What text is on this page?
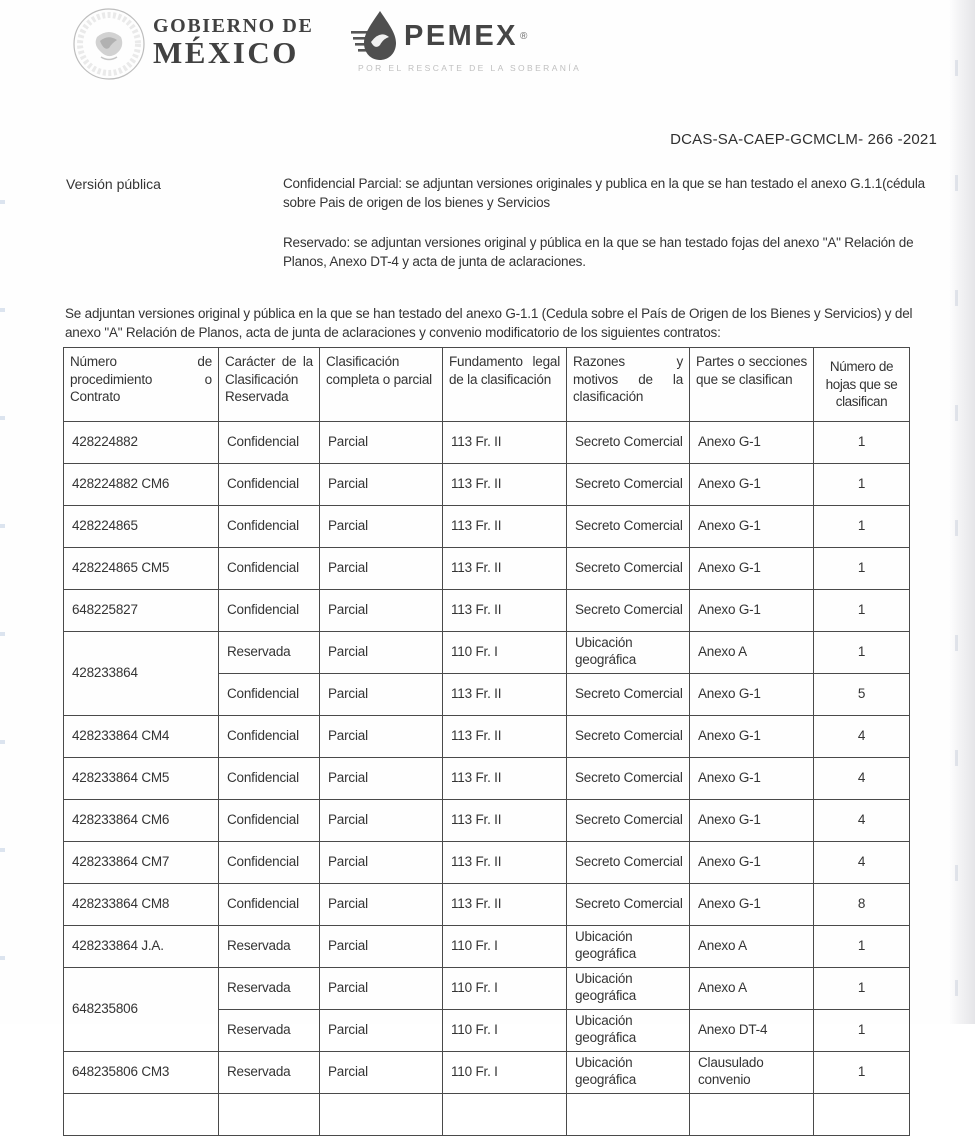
GOBIERNO DE
MÉXICO	PEMEX ®
POR EL RESCATE DE LA SOBERANÍA
DCAS-SA-CAEP-GCMCLM- 266 -2021
Versión pública	Confidencial Parcial: se adjuntan versiones originales y publica en la que se han testado el anexo G.1.1(cédula sobre Pais de origen de los bienes y Servicios

Reservado: se adjuntan versiones original y pública en la que se han testado fojas del anexo "A" Relación de Planos, Anexo DT-4 y acta de junta de aclaraciones.

Se adjuntan versiones original y pública en la que se han testado del anexo G-1.1 (Cedula sobre el País de Origen de los Bienes y Servicios) y del anexo "A" Relación de Planos, acta de junta de aclaraciones y convenio modificatorio de los siguientes contratos:

Número de procedimiento o Contrato	Carácter de la Clasificación Reservada	Clasificación completa o parcial	Fundamento legal de la clasificación	Razones y motivos de la clasificación	Partes o secciones que se clasifican	Número de hojas que se clasifican
428224882	Confidencial	Parcial	113 Fr. II	Secreto Comercial	Anexo G-1	1
428224882 CM6	Confidencial	Parcial	113 Fr. II	Secreto Comercial	Anexo G-1	1
428224865	Confidencial	Parcial	113 Fr. II	Secreto Comercial	Anexo G-1	1
428224865 CM5	Confidencial	Parcial	113 Fr. II	Secreto Comercial	Anexo G-1	1
648225827	Confidencial	Parcial	113 Fr. II	Secreto Comercial	Anexo G-1	1
428233864	Reservada	Parcial	110 Fr. I	Ubicación geográfica	Anexo A	1
	Confidencial	Parcial	113 Fr. II	Secreto Comercial	Anexo G-1	5
428233864 CM4	Confidencial	Parcial	113 Fr. II	Secreto Comercial	Anexo G-1	4
428233864 CM5	Confidencial	Parcial	113 Fr. II	Secreto Comercial	Anexo G-1	4
428233864 CM6	Confidencial	Parcial	113 Fr. II	Secreto Comercial	Anexo G-1	4
428233864 CM7	Confidencial	Parcial	113 Fr. II	Secreto Comercial	Anexo G-1	4
428233864 CM8	Confidencial	Parcial	113 Fr. II	Secreto Comercial	Anexo G-1	8
428233864 J.A.	Reservada	Parcial	110 Fr. I	Ubicación geográfica	Anexo A	1
648235806	Reservada	Parcial	110 Fr. I	Ubicación geográfica	Anexo A	1
	Reservada	Parcial	110 Fr. I	Ubicación geográfica	Anexo DT-4	1
648235806 CM3	Reservada	Parcial	110 Fr. I	Ubicación geográfica	Clausulado convenio	1
